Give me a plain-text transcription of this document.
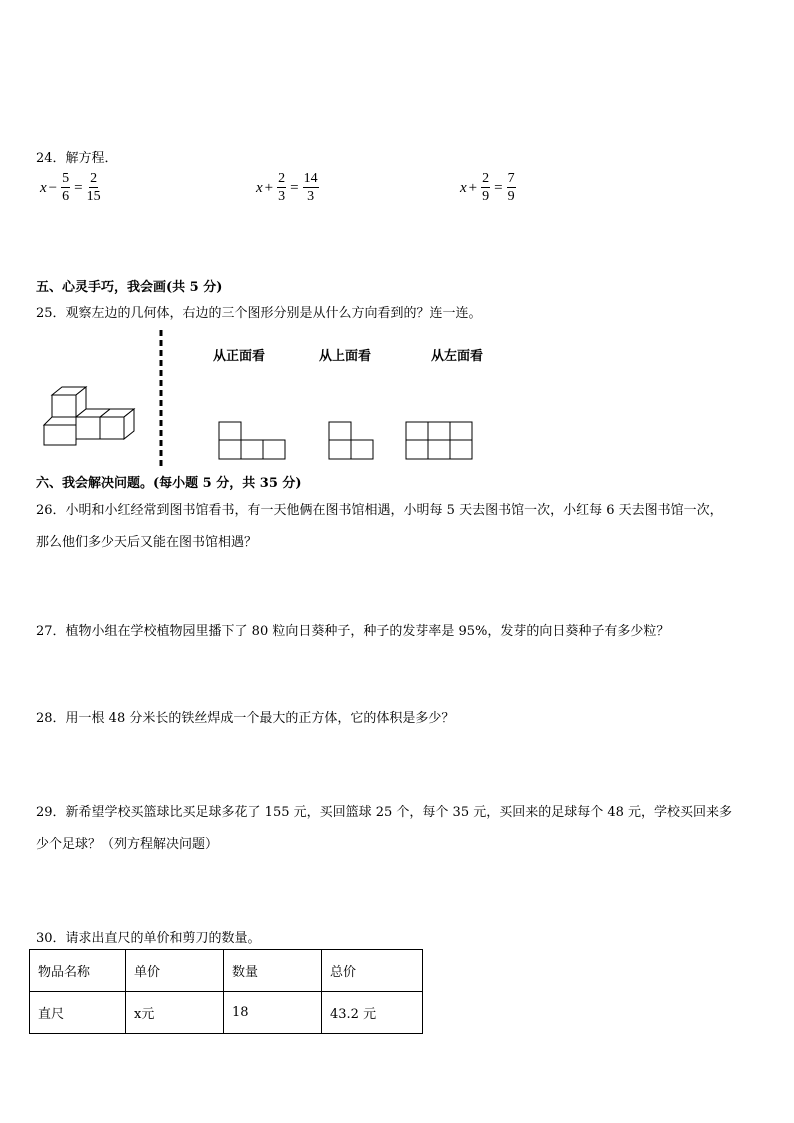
24．解方程．
$x - \frac{5}{6} = \frac{2}{15}$	$x + \frac{2}{3} = \frac{14}{3}$	$x + \frac{2}{9} = \frac{7}{9}$
五、心灵手巧，我会画(共 5 分)
25．观察左边的几何体，右边的三个图形分别是从什么方向看到的？连一连。
从正面看	从上面看	从左面看
六、我会解决问题。(每小题 5 分，共 35 分)
26．小明和小红经常到图书馆看书，有一天他俩在图书馆相遇，小明每 5 天去图书馆一次，小红每 6 天去图书馆一次，
那么他们多少天后又能在图书馆相遇？
27．植物小组在学校植物园里播下了 80 粒向日葵种子，种子的发芽率是 95%，发芽的向日葵种子有多少粒？
28．用一根 48 分米长的铁丝焊成一个最大的正方体，它的体积是多少？
29．新希望学校买篮球比买足球多花了 155 元，买回篮球 25 个，每个 35 元，买回来的足球每个 48 元，学校买回来多
少个足球？（列方程解决问题）
30．请求出直尺的单价和剪刀的数量。
物品名称	单价	数量	总价
直尺	x元	18	43.2 元
